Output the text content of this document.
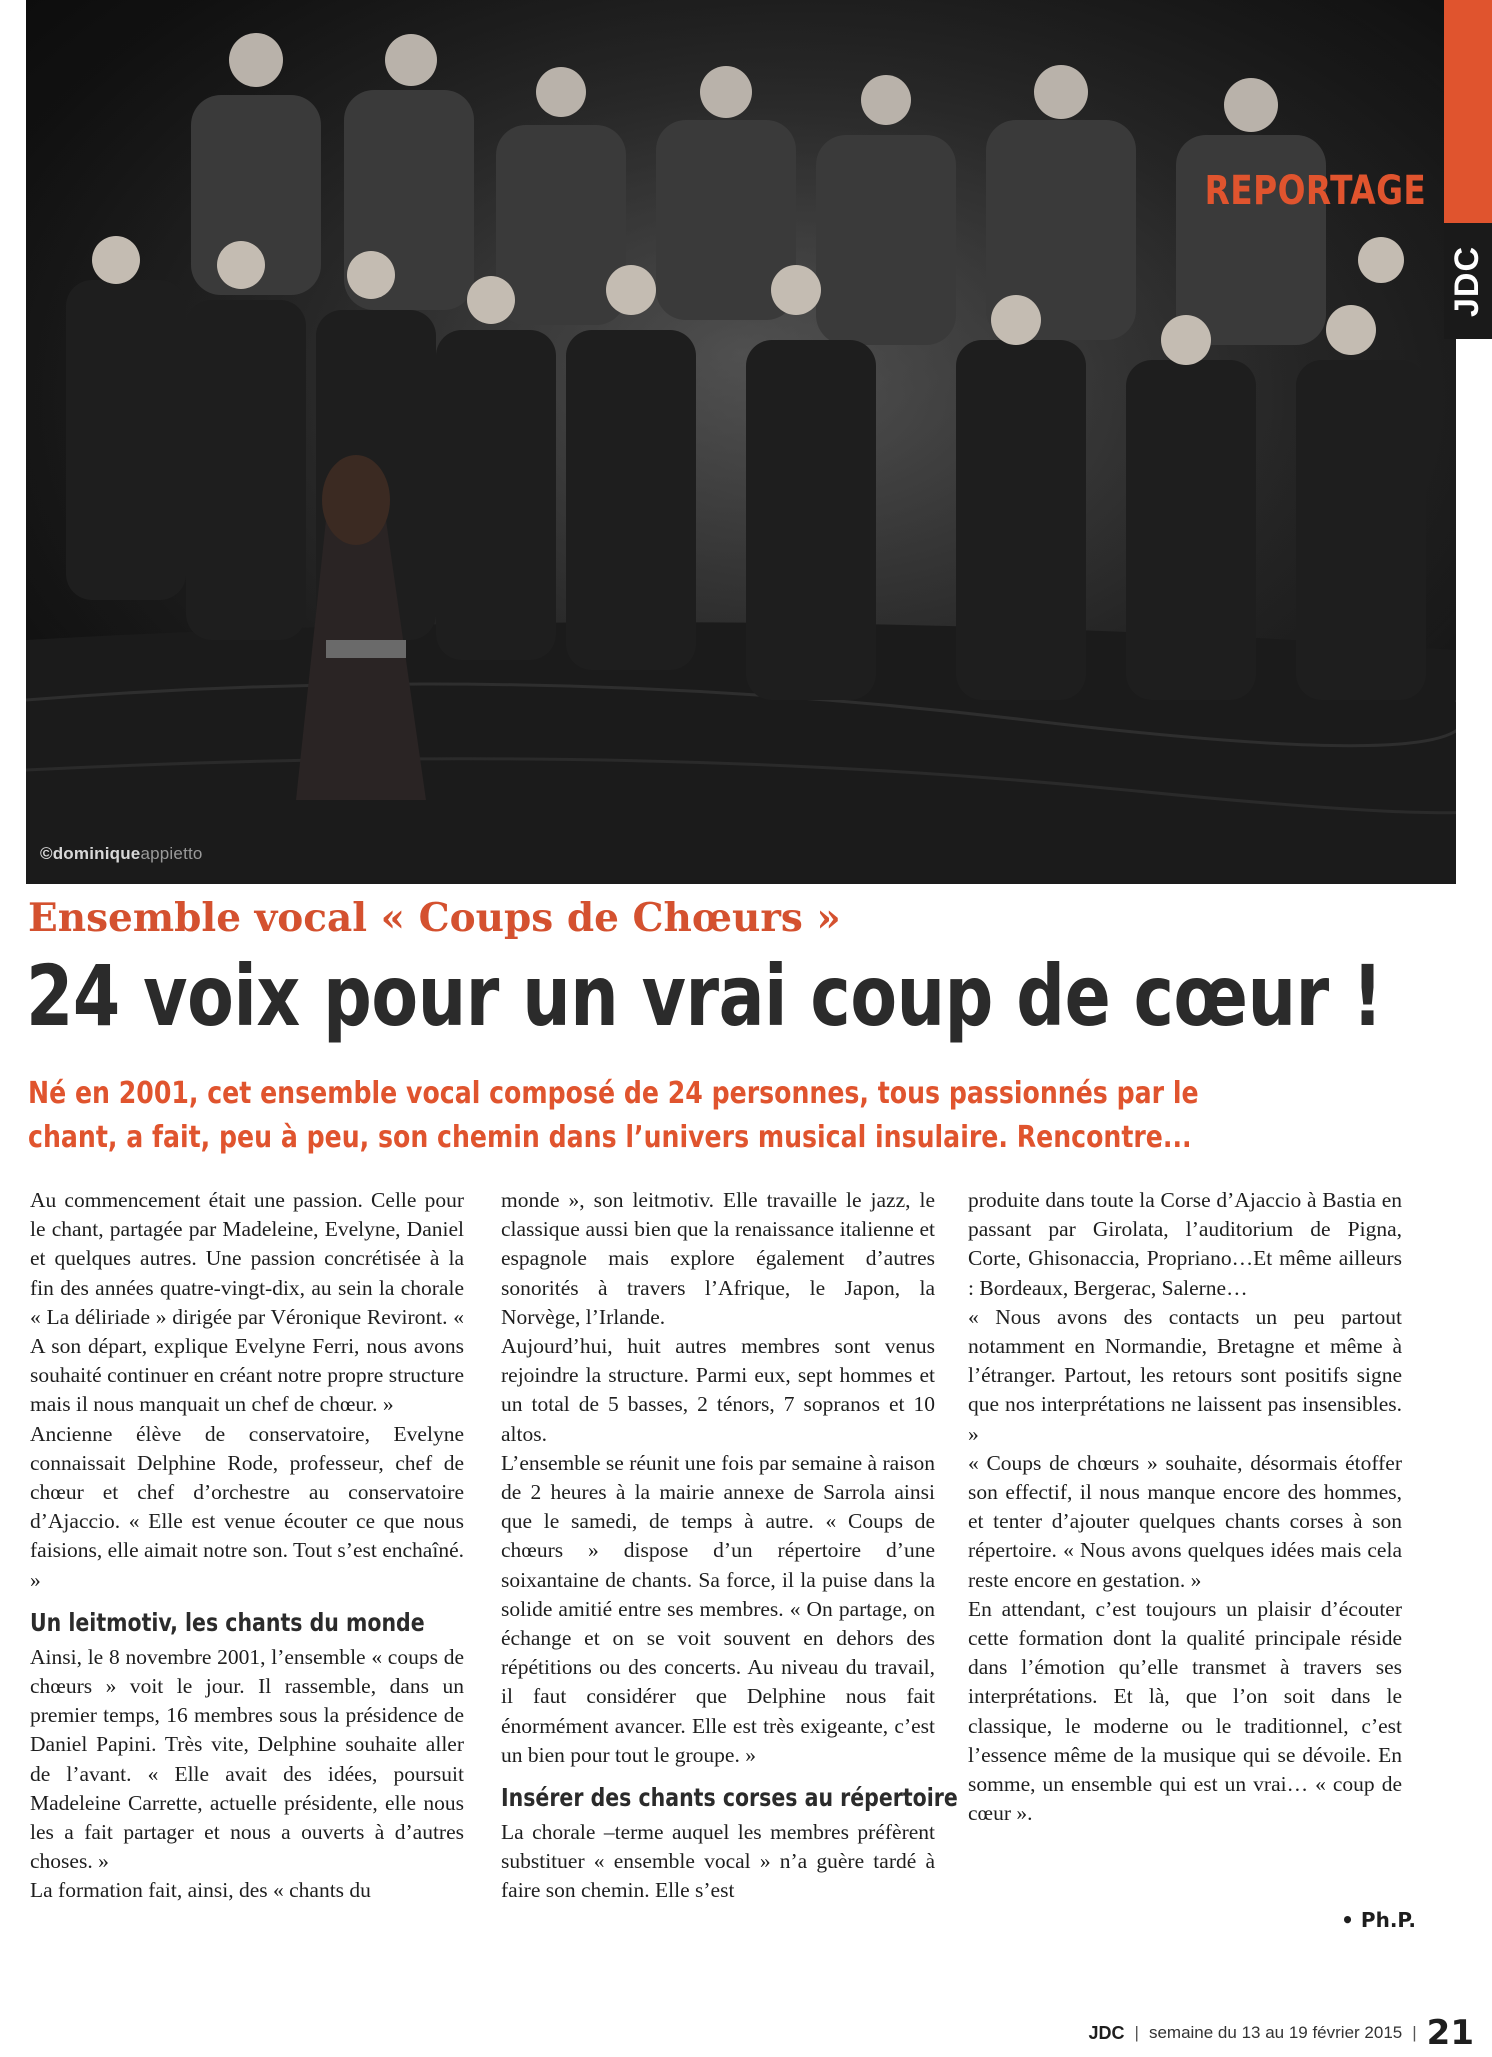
©dominiqueappietto
JDC
REPORTAGE
Ensemble vocal « Coups de Chœurs »
24 voix pour un vrai coup de cœur !
Né en 2001, cet ensemble vocal composé de 24 personnes, tous passionnés par le
chant, a fait, peu à peu, son chemin dans l’univers musical insulaire. Rencontre...

Au commencement était une passion. Celle pour le chant, partagée par Madeleine, Evelyne, Daniel et quelques autres. Une passion concrétisée à la fin des années quatre-vingt-dix, au sein la chorale « La déliriade » dirigée par Véronique Reviront. « A son départ, explique Evelyne Ferri, nous avons souhaité continuer en créant notre propre structure mais il nous manquait un chef de chœur. »

Ancienne élève de conservatoire, Evelyne connaissait Delphine Rode, professeur, chef de chœur et chef d’orchestre au conservatoire d’Ajaccio. « Elle est venue écouter ce que nous faisions, elle aimait notre son. Tout s’est enchaîné. »

Un leitmotiv, les chants du monde

Ainsi, le 8 novembre 2001, l’ensemble « coups de chœurs » voit le jour. Il rassemble, dans un premier temps, 16 membres sous la présidence de Daniel Papini. Très vite, Delphine souhaite aller de l’avant. « Elle avait des idées, poursuit Madeleine Carrette, actuelle présidente, elle nous les a fait partager et nous a ouverts à d’autres choses. »

La formation fait, ainsi, des « chants du

monde », son leitmotiv. Elle travaille le jazz, le classique aussi bien que la renaissance italienne et espagnole mais explore également d’autres sonorités à travers l’Afrique, le Japon, la Norvège, l’Irlande.

Aujourd’hui, huit autres membres sont venus rejoindre la structure. Parmi eux, sept hommes et un total de 5 basses, 2 ténors, 7 sopranos et 10 altos.

L’ensemble se réunit une fois par semaine à raison de 2 heures à la mairie annexe de Sarrola ainsi que le samedi, de temps à autre. « Coups de chœurs » dispose d’un répertoire d’une soixantaine de chants. Sa force, il la puise dans la solide amitié entre ses membres. « On partage, on échange et on se voit souvent en dehors des répétitions ou des concerts. Au niveau du travail, il faut considérer que Delphine nous fait énormément avancer. Elle est très exigeante, c’est un bien pour tout le groupe. »

Insérer des chants corses au répertoire

La chorale –terme auquel les membres préfèrent substituer « ensemble vocal » n’a guère tardé à faire son chemin. Elle s’est

produite dans toute la Corse d’Ajaccio à Bastia en passant par Girolata, l’auditorium de Pigna, Corte, Ghisonaccia, Propriano…Et même ailleurs : Bordeaux, Bergerac, Salerne…

« Nous avons des contacts un peu partout notamment en Normandie, Bretagne et même à l’étranger. Partout, les retours sont positifs signe que nos interprétations ne laissent pas insensibles. »

« Coups de chœurs » souhaite, désormais étoffer son effectif, il nous manque encore des hommes, et tenter d’ajouter quelques chants corses à son répertoire. « Nous avons quelques idées mais cela reste encore en gestation. »

En attendant, c’est toujours un plaisir d’écouter cette formation dont la qualité principale réside dans l’émotion qu’elle transmet à travers ses interprétations. Et là, que l’on soit dans le classique, le moderne ou le traditionnel, c’est l’essence même de la musique qui se dévoile. En somme, un ensemble qui est un vrai… « coup de cœur ».

• Ph.P.
JDC | semaine du 13 au 19 février 2015 | 21
